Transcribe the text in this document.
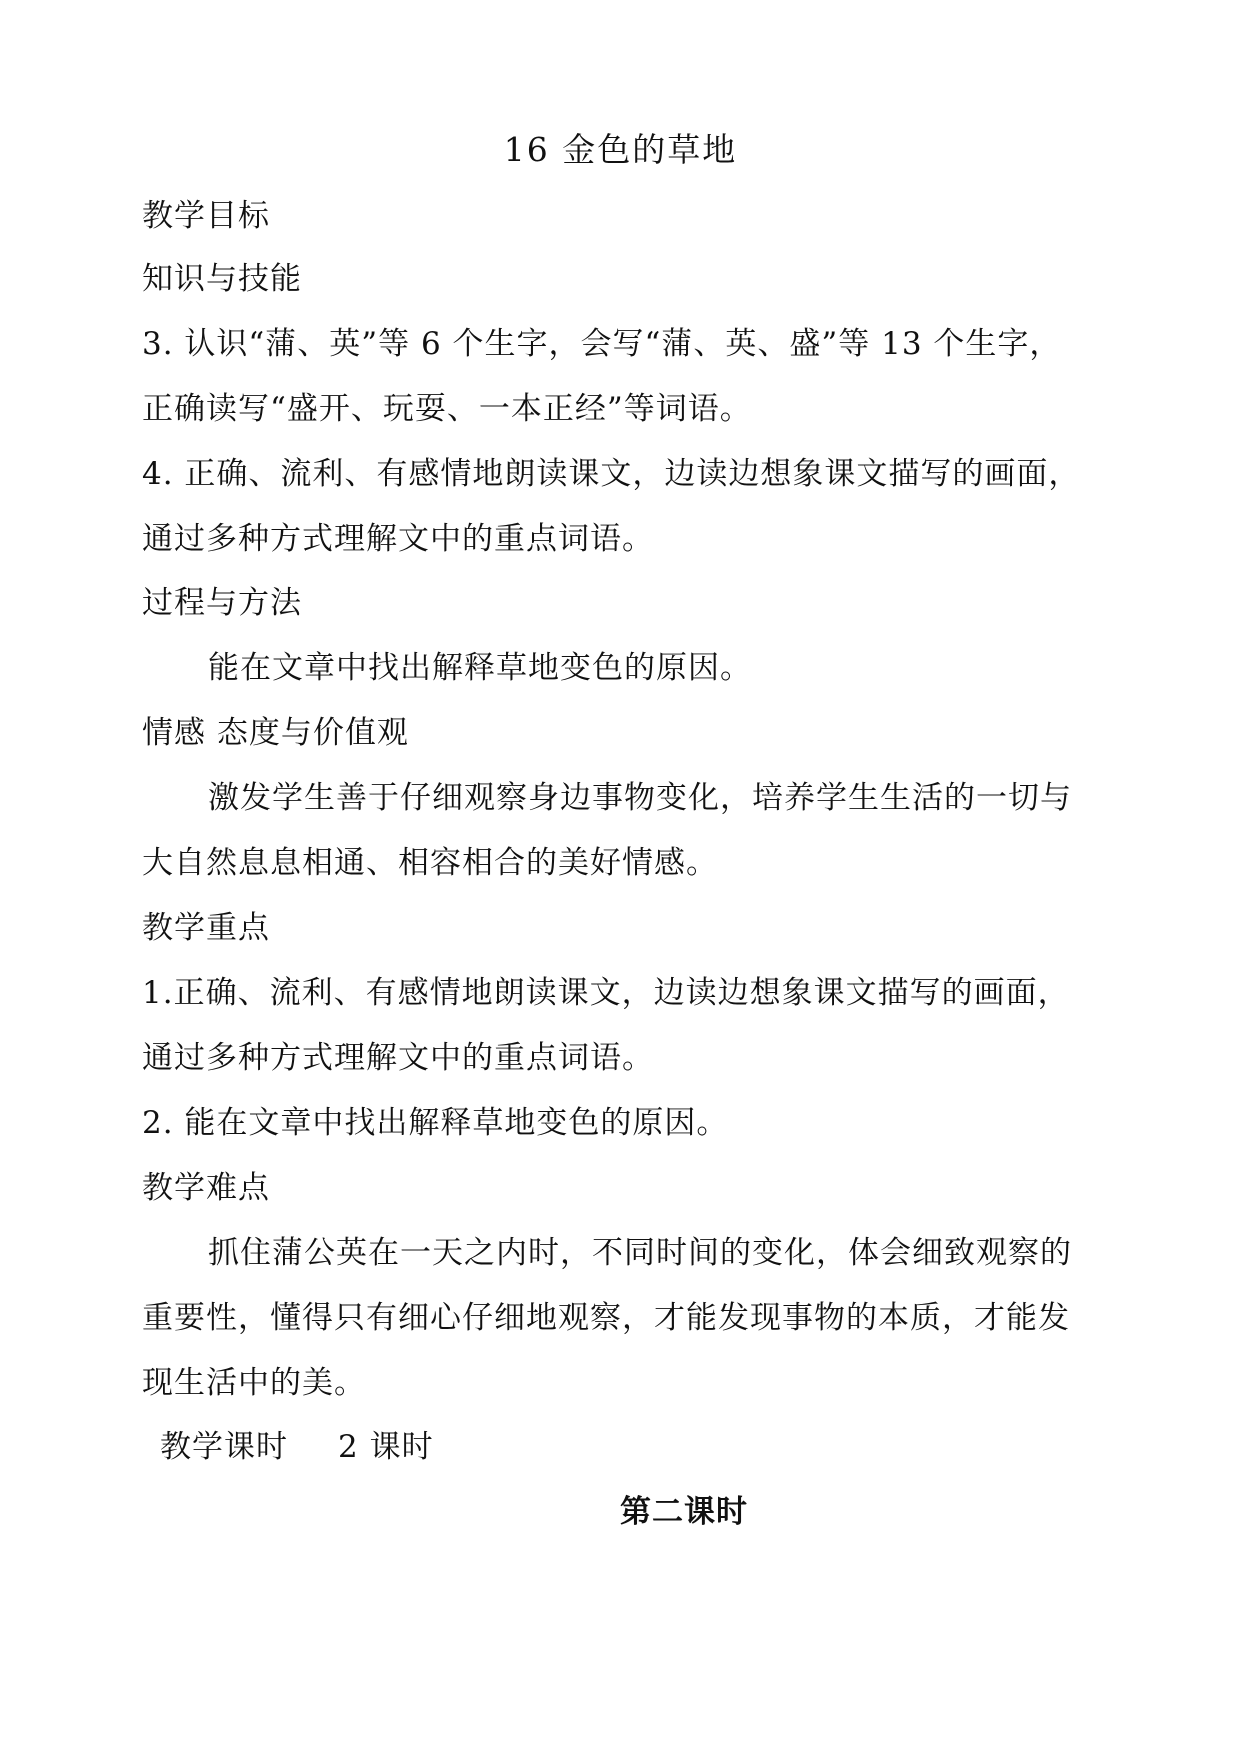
16 金色的草地
教学目标
知识与技能
3. 认识“蒲、英”等 6 个生字，会写“蒲、英、盛”等 13 个生字，
正确读写“盛开、玩耍、一本正经”等词语。
4. 正确、流利、有感情地朗读课文，边读边想象课文描写的画面，
通过多种方式理解文中的重点词语。
过程与方法
能在文章中找出解释草地变色的原因。
情感 态度与价值观
激发学生善于仔细观察身边事物变化，培养学生生活的一切与
大自然息息相通、相容相合的美好情感。
教学重点
1.正确、流利、有感情地朗读课文，边读边想象课文描写的画面，
通过多种方式理解文中的重点词语。
2. 能在文章中找出解释草地变色的原因。
教学难点
抓住蒲公英在一天之内时，不同时间的变化，体会细致观察的
重要性，懂得只有细心仔细地观察，才能发现事物的本质，才能发
现生活中的美。
教学课时 2 课时
第二课时
